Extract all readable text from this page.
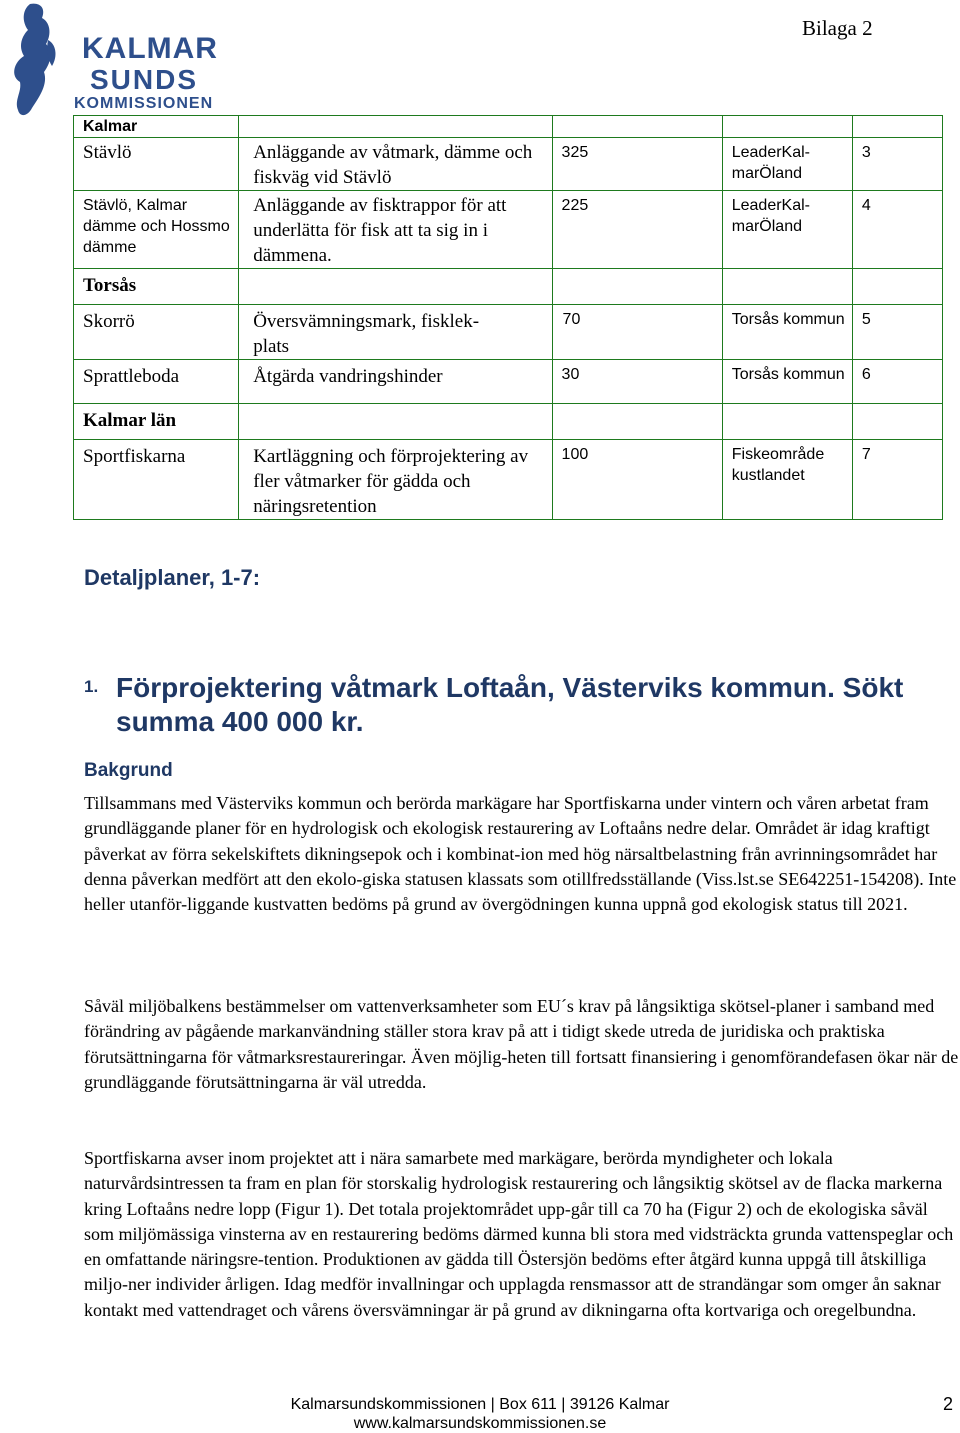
KALMAR
SUNDS
KOMMISSIONEN
Bilaga 2
Kalmar				
Stävlö	Anläggande av våtmark, dämme och fiskväg vid Stävlö	325	LeaderKal-marÖland	3
Stävlö, Kalmar dämme och Hossmo dämme	Anläggande av fisktrappor för att underlätta för fisk att ta sig in i dämmena.	225	LeaderKal-marÖland	4
Torsås				
Skorrö	Översvämningsmark, fisklek-plats	70	Torsås kommun	5
Sprattleboda	Åtgärda vandringshinder	30	Torsås kommun	6
Kalmar län				
Sportfiskarna	Kartläggning och förprojektering av fler våtmarker för gädda och näringsretention	100	Fiskeområde kustlandet	7
Detaljplaner, 1-7:
1. Förprojektering våtmark Loftaån, Västerviks kommun. Sökt summa 400 000 kr.
Bakgrund

Tillsammans med Västerviks kommun och berörda markägare har Sportfiskarna under vintern och våren arbetat fram grundläggande planer för en hydrologisk och ekologisk restaurering av Loftaåns nedre delar. Området är idag kraftigt påverkat av förra sekelskiftets dikningsepok och i kombinat-ion med hög närsaltbelastning från avrinningsområdet har denna påverkan medfört att den ekolo-giska statusen klassats som otillfredsställande (Viss.lst.se SE642251-154208). Inte heller utanför-liggande kustvatten bedöms på grund av övergödningen kunna uppnå god ekologisk status till 2021.

Såväl miljöbalkens bestämmelser om vattenverksamheter som EU´s krav på långsiktiga skötsel-planer i samband med förändring av pågående markanvändning ställer stora krav på att i tidigt skede utreda de juridiska och praktiska förutsättningarna för våtmarksrestaureringar. Även möjlig-heten till fortsatt finansiering i genomförandefasen ökar när de grundläggande förutsättningarna är väl utredda.

Sportfiskarna avser inom projektet att i nära samarbete med markägare, berörda myndigheter och lokala naturvårdsintressen ta fram en plan för storskalig hydrologisk restaurering och långsiktig skötsel av de flacka markerna kring Loftaåns nedre lopp (Figur 1). Det totala projektområdet upp-går till ca 70 ha (Figur 2) och de ekologiska såväl som miljömässiga vinsterna av en restaurering bedöms därmed kunna bli stora med vidsträckta grunda vattenspeglar och en omfattande näringsre-tention. Produktionen av gädda till Östersjön bedöms efter åtgärd kunna uppgå till åtskilliga miljo-ner individer årligen. Idag medför invallningar och upplagda rensmassor att de strandängar som omger ån saknar kontakt med vattendraget och vårens översvämningar är på grund av dikningarna ofta kortvariga och oregelbundna.

Kalmarsundskommissionen | Box 611 | 39126 Kalmar
www.kalmarsundskommissionen.se
2
